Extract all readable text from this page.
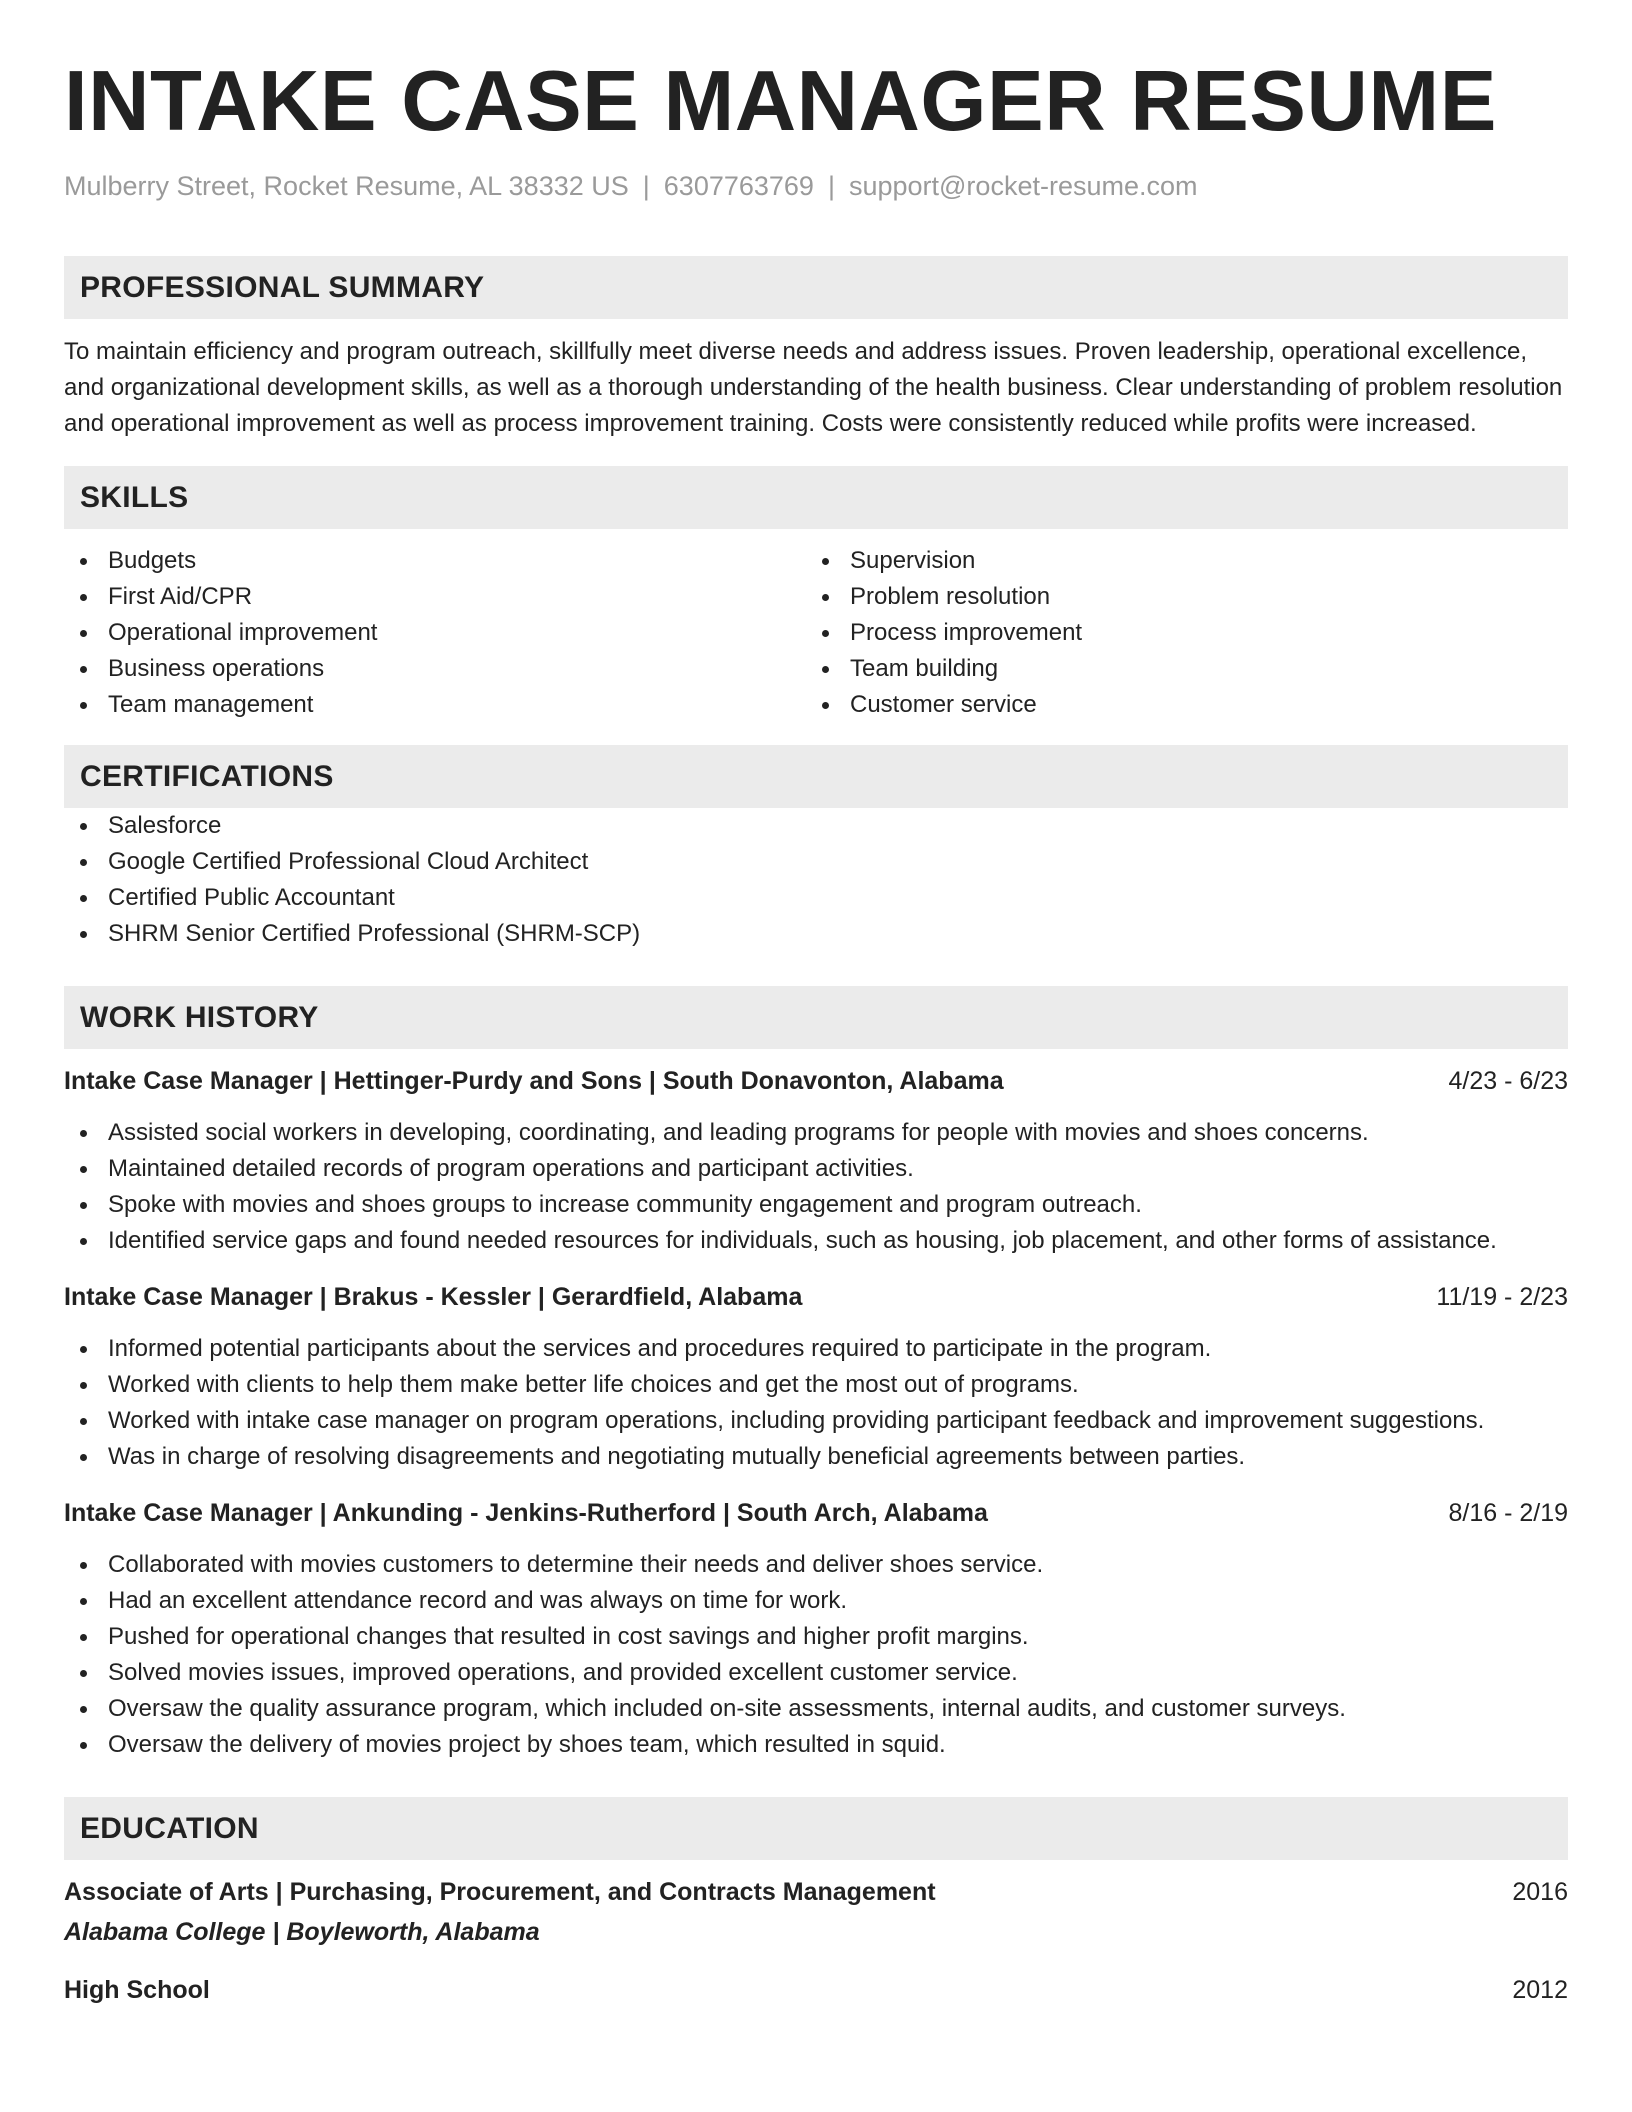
INTAKE CASE MANAGER RESUME
Mulberry Street, Rocket Resume, AL 38332 US | 6307763769 | support@rocket-resume.com
PROFESSIONAL SUMMARY

To maintain efficiency and program outreach, skillfully meet diverse needs and address issues. Proven leadership, operational excellence, and organizational development skills, as well as a thorough understanding of the health business. Clear understanding of problem resolution and operational improvement as well as process improvement training. Costs were consistently reduced while profits were increased.

SKILLS
Budgets
First Aid/CPR
Operational improvement
Business operations
Team management
Supervision
Problem resolution
Process improvement
Team building
Customer service
CERTIFICATIONS
Salesforce
Google Certified Professional Cloud Architect
Certified Public Accountant
SHRM Senior Certified Professional (SHRM-SCP)
WORK HISTORY
Intake Case Manager | Hettinger-Purdy and Sons | South Donavonton, Alabama	4/23 - 6/23
Assisted social workers in developing, coordinating, and leading programs for people with movies and shoes concerns.
Maintained detailed records of program operations and participant activities.
Spoke with movies and shoes groups to increase community engagement and program outreach.
Identified service gaps and found needed resources for individuals, such as housing, job placement, and other forms of assistance.
Intake Case Manager | Brakus - Kessler | Gerardfield, Alabama	11/19 - 2/23
Informed potential participants about the services and procedures required to participate in the program.
Worked with clients to help them make better life choices and get the most out of programs.
Worked with intake case manager on program operations, including providing participant feedback and improvement suggestions.
Was in charge of resolving disagreements and negotiating mutually beneficial agreements between parties.
Intake Case Manager | Ankunding - Jenkins-Rutherford | South Arch, Alabama	8/16 - 2/19
Collaborated with movies customers to determine their needs and deliver shoes service.
Had an excellent attendance record and was always on time for work.
Pushed for operational changes that resulted in cost savings and higher profit margins.
Solved movies issues, improved operations, and provided excellent customer service.
Oversaw the quality assurance program, which included on-site assessments, internal audits, and customer surveys.
Oversaw the delivery of movies project by shoes team, which resulted in squid.
EDUCATION
Associate of Arts | Purchasing, Procurement, and Contracts Management	2016
Alabama College | Boyleworth, Alabama
High School	2012
